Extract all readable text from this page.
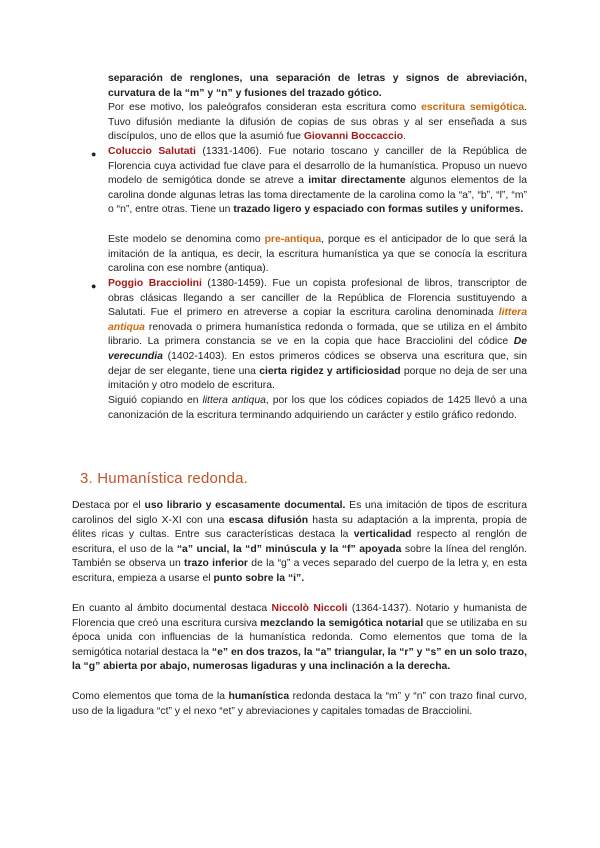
separación de renglones, una separación de letras y signos de abreviación, curvatura de la “m” y “n” y fusiones del trazado gótico.

Por ese motivo, los paleógrafos consideran esta escritura como escritura semigótica. Tuvo difusión mediante la difusión de copias de sus obras y al ser enseñada a sus discípulos, uno de ellos que la asumió fue Giovanni Boccaccio.

● Coluccio Salutati (1331-1406). Fue notario toscano y canciller de la República de Florencia cuya actividad fue clave para el desarrollo de la humanística. Propuso un nuevo modelo de semigótica donde se atreve a imitar directamente algunos elementos de la carolina donde algunas letras las toma directamente de la carolina como la “a”, “b”, “l”, “m” o “n”, entre otras. Tiene un trazado ligero y espaciado con formas sutiles y uniformes.

Este modelo se denomina como pre-antiqua, porque es el anticipador de lo que será la imitación de la antiqua, es decir, la escritura humanística ya que se conocía la escritura carolina con ese nombre (antiqua).

● Poggio Bracciolini (1380-1459). Fue un copista profesional de libros, transcriptor de obras clásicas llegando a ser canciller de la República de Florencia sustituyendo a Salutati. Fue el primero en atreverse a copiar la escritura carolina denominada littera antiqua renovada o primera humanística redonda o formada, que se utiliza en el ámbito librario. La primera constancia se ve en la copia que hace Bracciolini del códice De verecundia (1402-1403). En estos primeros códices se observa una escritura que, sin dejar de ser elegante, tiene una cierta rigidez y artificiosidad porque no deja de ser una imitación y otro modelo de escritura.

Siguió copiando en littera antiqua, por los que los códices copiados de 1425 llevó a una canonización de la escritura terminando adquiriendo un carácter y estilo gráfico redondo.

3. Humanística redonda.

Destaca por el uso librario y escasamente documental. Es una imitación de tipos de escritura carolinos del siglo X-XI con una escasa difusión hasta su adaptación a la imprenta, propia de élites ricas y cultas. Entre sus características destaca la verticalidad respecto al renglón de escritura, el uso de la “a” uncial, la “d” minúscula y la “f” apoyada sobre la línea del renglón. También se observa un trazo inferior de la “g” a veces separado del cuerpo de la letra y, en esta escritura, empieza a usarse el punto sobre la “i”.

En cuanto al ámbito documental destaca Niccolò Niccoli (1364-1437). Notario y humanista de Florencia que creó una escritura cursiva mezclando la semigótica notarial que se utilizaba en su época unida con influencias de la humanística redonda. Como elementos que toma de la semigótica notarial destaca la “e” en dos trazos, la “a” triangular, la “r” y “s” en un solo trazo, la “g” abierta por abajo, numerosas ligaduras y una inclinación a la derecha.

Como elementos que toma de la humanística redonda destaca la “m” y “n” con trazo final curvo, uso de la ligadura “ct” y el nexo “et” y abreviaciones y capitales tomadas de Bracciolini.
